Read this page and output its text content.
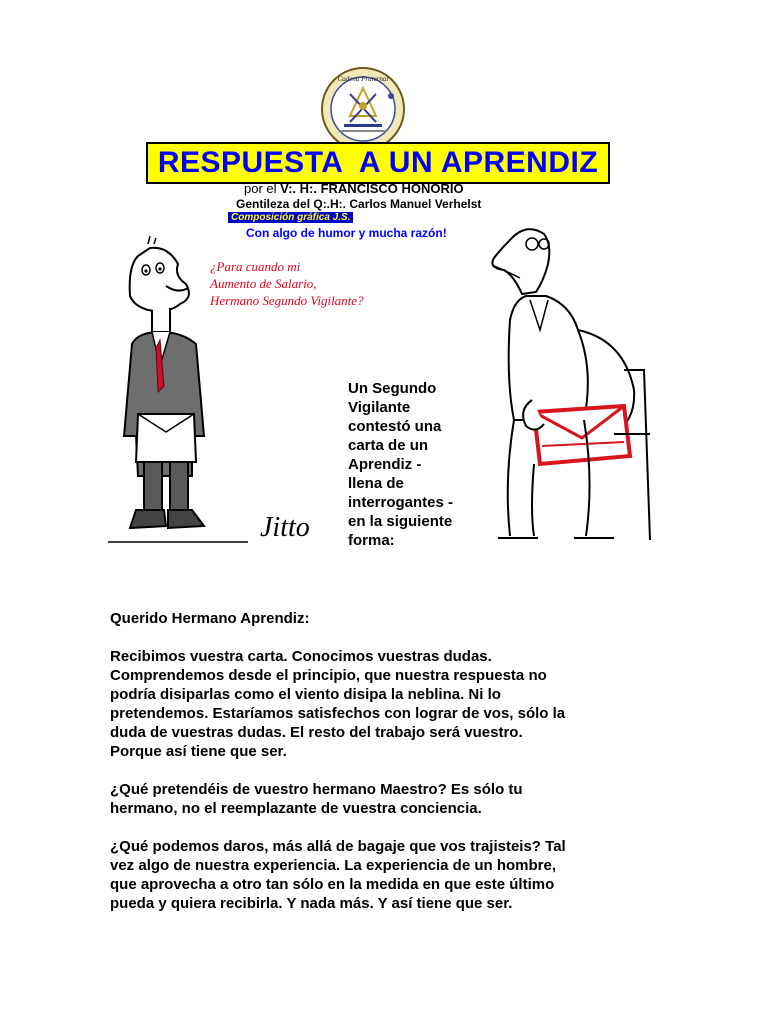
Cadena Fraternal
RESPUESTA  A UN APRENDIZ
por el V:. H:. FRANCISCO HONORIO
Gentileza del Q:.H:. Carlos Manuel Verhelst
Composición gráfica J.S.
Con algo de humor y mucha razón!
Jitto
¿Para cuando mi
Aumento de Salario,
Hermano Segundo Vigilante?
Un Segundo
Vigilante
contestó una
carta de un
Aprendiz -
llena de
interrogantes -
en la siguiente
forma:

Querido Hermano Aprendiz:

Recibimos vuestra carta. Conocimos vuestras dudas.
Comprendemos desde el principio, que nuestra respuesta no
podría disiparlas como el viento disipa la neblina. Ni lo
pretendemos. Estaríamos satisfechos con lograr de vos, sólo la
duda de vuestras dudas. El resto del trabajo será vuestro.
Porque así tiene que ser.

¿Qué pretendéis de vuestro hermano Maestro? Es sólo tu
hermano, no el reemplazante de vuestra conciencia.

¿Qué podemos daros, más allá de bagaje que vos trajisteis? Tal
vez algo de nuestra experiencia. La experiencia de un hombre,
que aprovecha a otro tan sólo en la medida en que este último
pueda y quiera recibirla. Y nada más. Y así tiene que ser.
